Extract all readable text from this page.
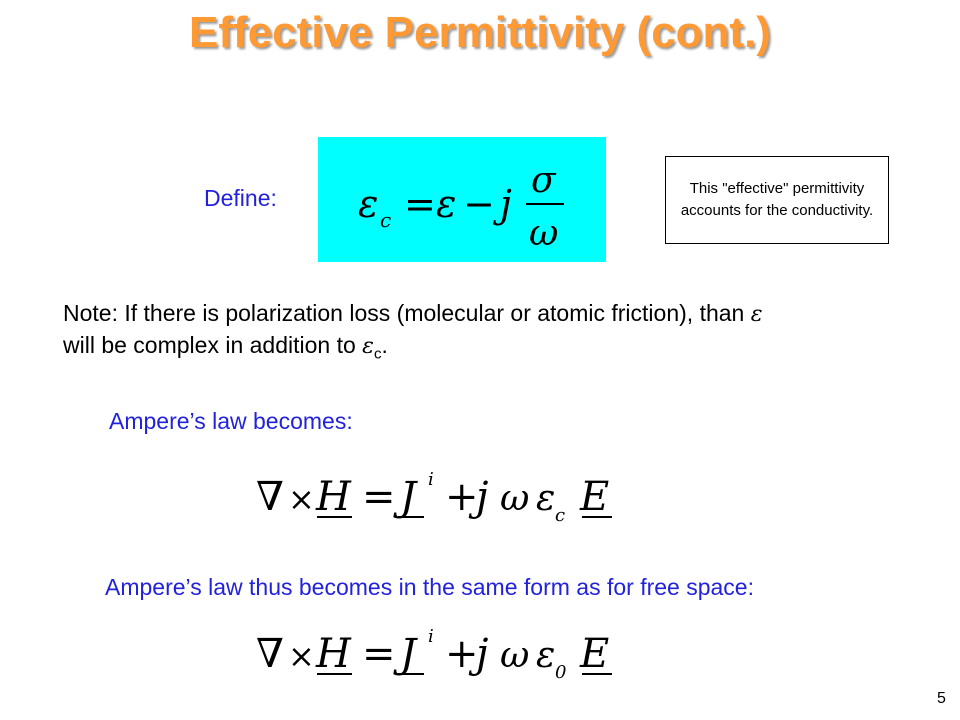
Effective Permittivity (cont.)
Define: ε c = ε − j
σ
ω
This "effective" permittivity accounts for the conductivity.
Note: If there is polarization loss (molecular or atomic friction), than ε
will be complex in addition to $\varepsilon_c$.
Ampere’s law becomes:
∇ × H = J i +
j ω ε c E
Ampere’s law thus becomes in the same form as for free space:
∇ × H = J i +
j ω ε 0 E
5
